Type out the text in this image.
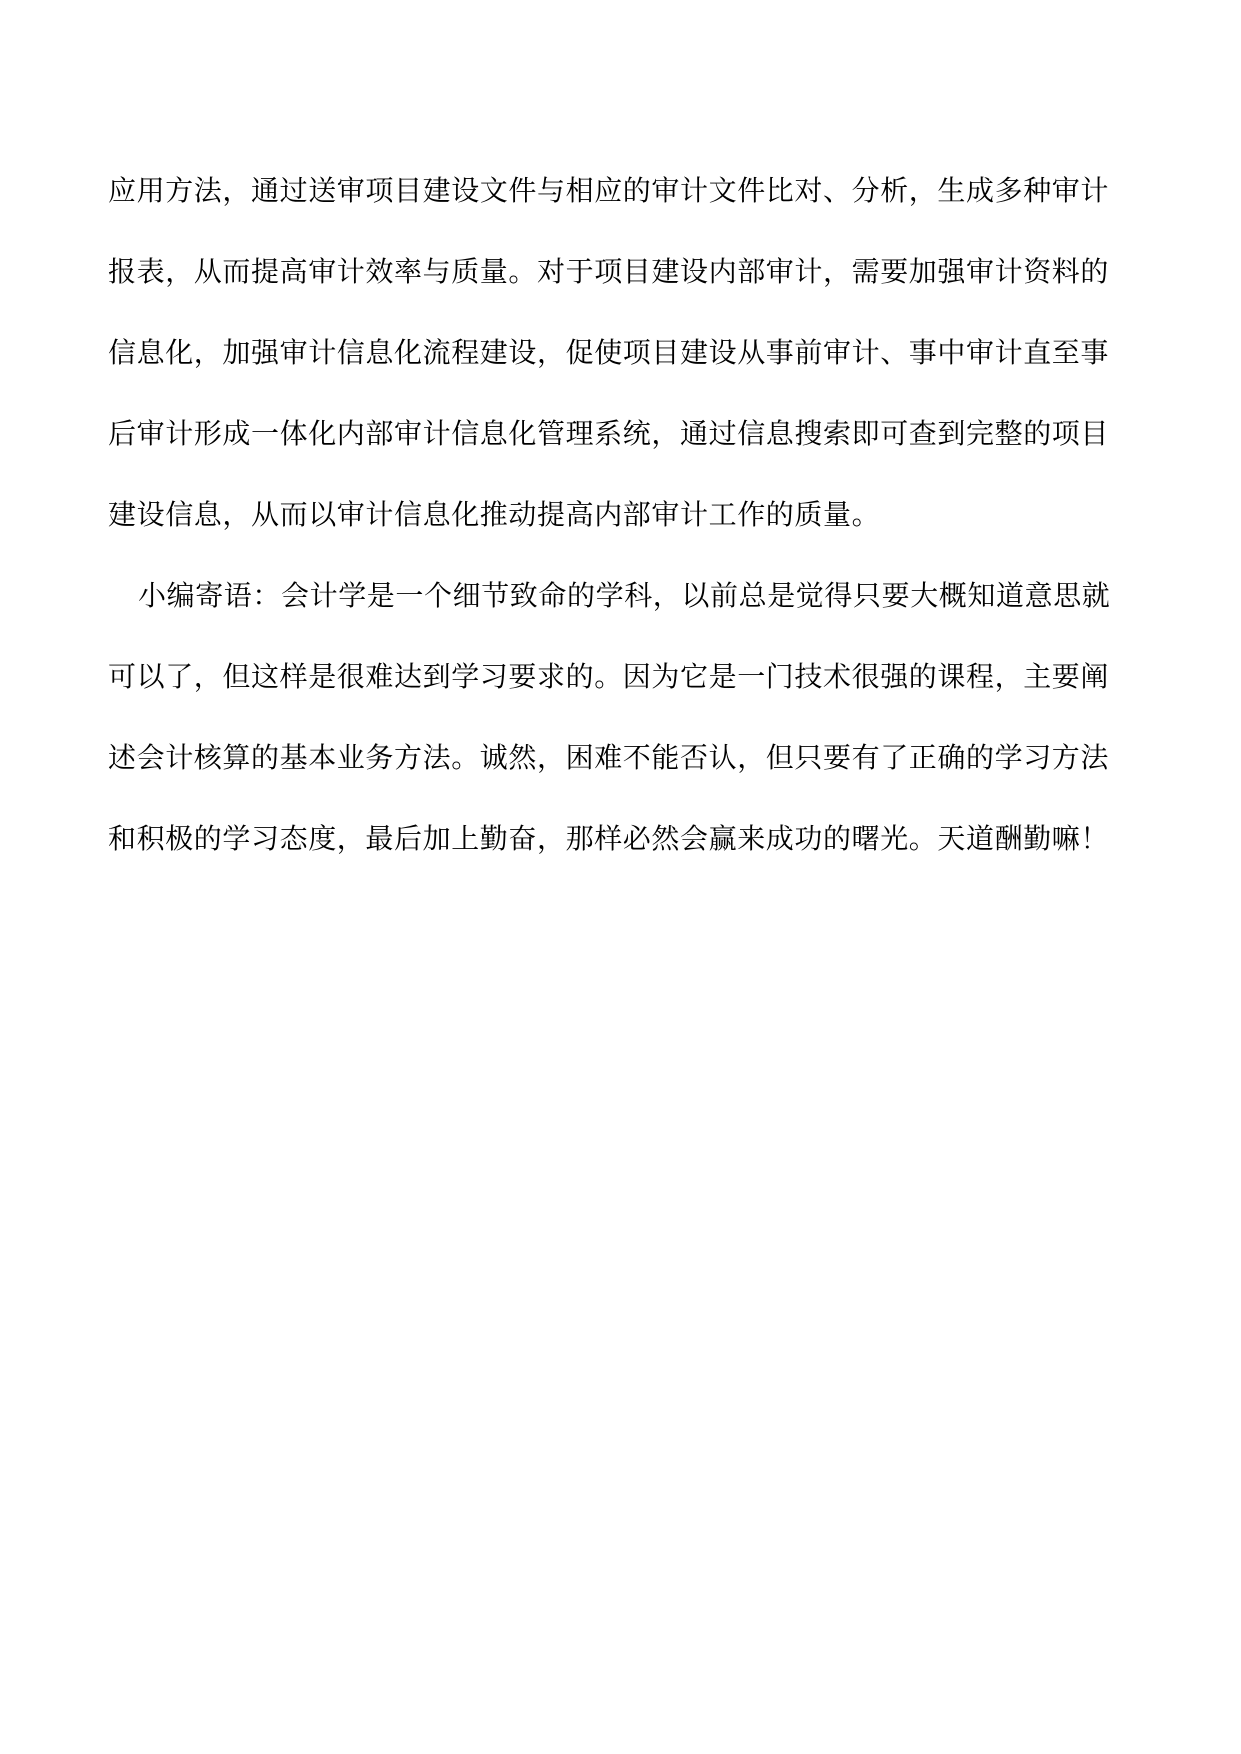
应用方法，通过送审项目建设文件与相应的审计文件比对、分析，生成多种审计
报表，从而提高审计效率与质量。对于项目建设内部审计，需要加强审计资料的
信息化，加强审计信息化流程建设，促使项目建设从事前审计、事中审计直至事
后审计形成一体化内部审计信息化管理系统，通过信息搜索即可查到完整的项目
建设信息，从而以审计信息化推动提高内部审计工作的质量。
小编寄语：会计学是一个细节致命的学科，以前总是觉得只要大概知道意思就
可以了，但这样是很难达到学习要求的。因为它是一门技术很强的课程，主要阐
述会计核算的基本业务方法。诚然，困难不能否认，但只要有了正确的学习方法
和积极的学习态度，最后加上勤奋，那样必然会赢来成功的曙光。天道酬勤嘛！
